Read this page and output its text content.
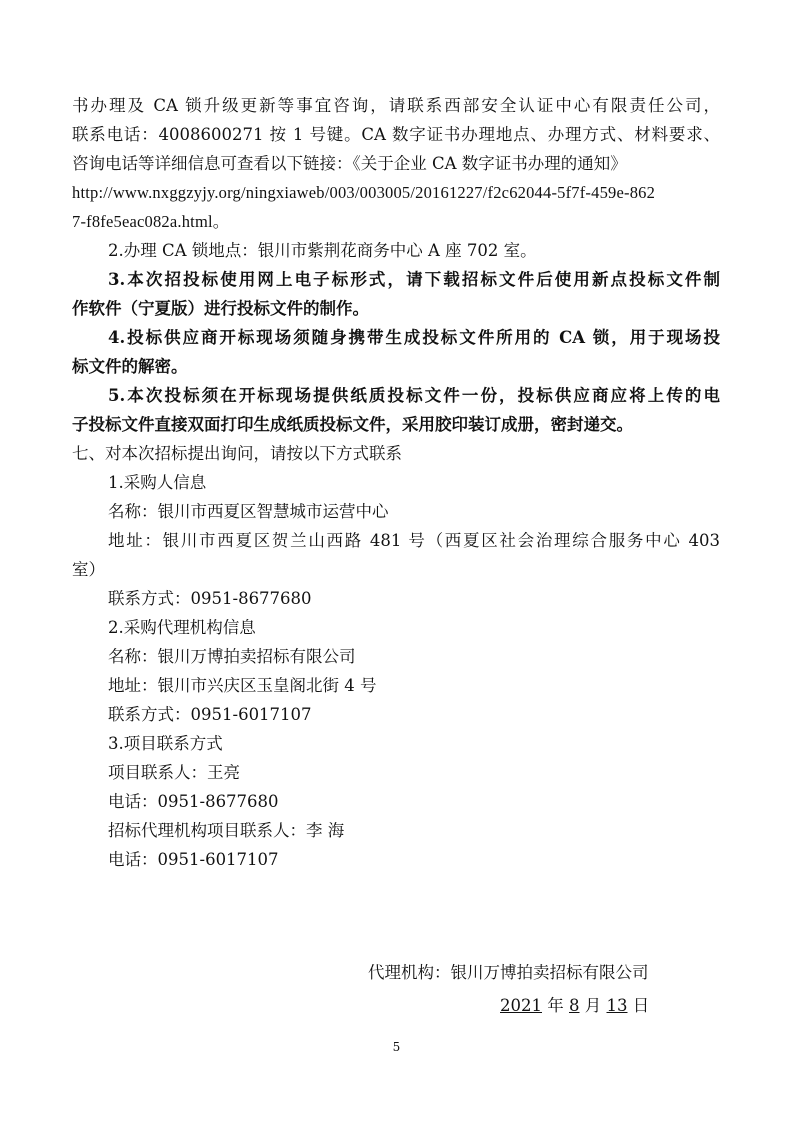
书办理及 CA 锁升级更新等事宜咨询，请联系西部安全认证中心有限责任公司，
联系电话：4008600271 按 1 号键。CA 数字证书办理地点、办理方式、材料要求、
咨询电话等详细信息可查看以下链接：《关于企业 CA 数字证书办理的通知》
http://www.nxggzyjy.org/ningxiaweb/003/003005/20161227/f2c62044-5f7f-459e-862
7-f8fe5eac082a.html。
2.办理 CA 锁地点：银川市紫荆花商务中心 A 座 702 室。
3.本次招投标使用网上电子标形式，请下载招标文件后使用新点投标文件制
作软件（宁夏版）进行投标文件的制作。
4.投标供应商开标现场须随身携带生成投标文件所用的 CA 锁，用于现场投
标文件的解密。
5.本次投标须在开标现场提供纸质投标文件一份，投标供应商应将上传的电
子投标文件直接双面打印生成纸质投标文件，采用胶印装订成册，密封递交。
七、对本次招标提出询问，请按以下方式联系
1.采购人信息
名称：银川市西夏区智慧城市运营中心
地址：银川市西夏区贺兰山西路 481 号（西夏区社会治理综合服务中心 403
室）
联系方式：0951-8677680
2.采购代理机构信息
名称：银川万博拍卖招标有限公司
地址：银川市兴庆区玉皇阁北街 4 号
联系方式：0951-6017107
3.项目联系方式
项目联系人：王亮
电话：0951-8677680
招标代理机构项目联系人：李 海
电话：0951-6017107
代理机构：银川万博拍卖招标有限公司
2021 年 8 月 13 日
5
